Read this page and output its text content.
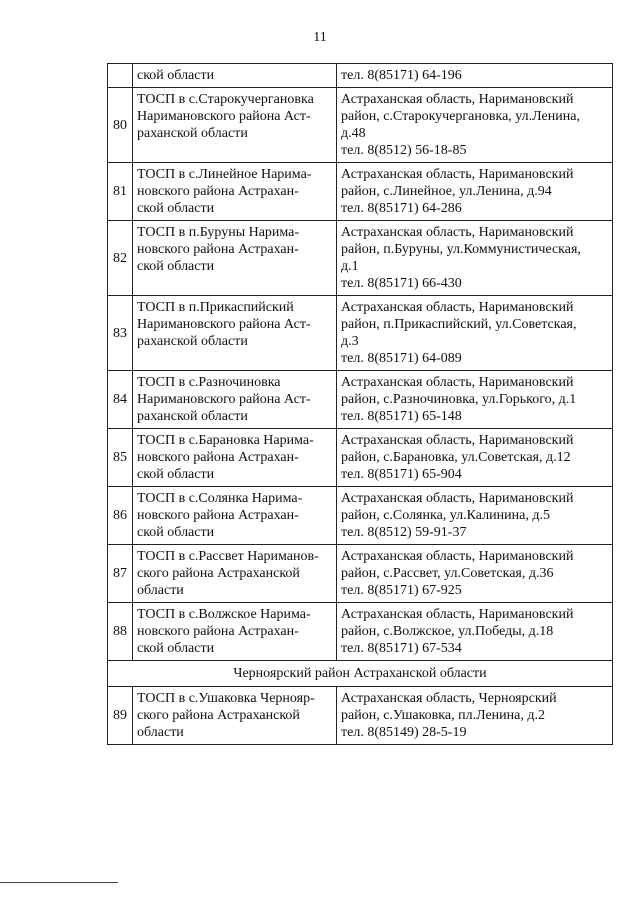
11

	ской области	тел. 8(85171) 64-196

80	ТОСП в с.Старокучергановка
Наримановского района Аст-
раханской области	Астраханская область, Наримановский
район, с.Старокучергановка, ул.Ленина,
д.48
тел. 8(8512) 56-18-85

81	ТОСП в с.Линейное Нарима-
новского района Астрахан-
ской области	Астраханская область, Наримановский
район, с.Линейное, ул.Ленина, д.94
тел. 8(85171) 64-286

82	ТОСП в п.Буруны Нарима-
новского района Астрахан-
ской области	Астраханская область, Наримановский
район, п.Буруны, ул.Коммунистическая,
д.1
тел. 8(85171) 66-430

83	ТОСП в п.Прикаспийский
Наримановского района Аст-
раханской области	Астраханская область, Наримановский
район, п.Прикаспийский, ул.Советская,
д.3
тел. 8(85171) 64-089

84	ТОСП в с.Разночиновка
Наримановского района Аст-
раханской области	Астраханская область, Наримановский
район, с.Разночиновка, ул.Горького, д.1
тел. 8(85171) 65-148

85	ТОСП в с.Барановка Нарима-
новского района Астрахан-
ской области	Астраханская область, Наримановский
район, с.Барановка, ул.Советская, д.12
тел. 8(85171) 65-904

86	ТОСП в с.Солянка Нарима-
новского района Астрахан-
ской области	Астраханская область, Наримановский
район, с.Солянка, ул.Калинина, д.5
тел. 8(8512) 59-91-37

87	ТОСП в с.Рассвет Нариманов-
ского района Астраханской
области	Астраханская область, Наримановский
район, с.Рассвет, ул.Советская, д.36
тел. 8(85171) 67-925

88	ТОСП в с.Волжское Нарима-
новского района Астрахан-
ской области	Астраханская область, Наримановский
район, с.Волжское, ул.Победы, д.18
тел. 8(85171) 67-534

Черноярский район Астраханской области		
89	ТОСП в с.Ушаковка Чернояр-
ского района Астраханской
области	Астраханская область, Черноярский
район, с.Ушаковка, пл.Ленина, д.2
тел. 8(85149) 28-5-19
